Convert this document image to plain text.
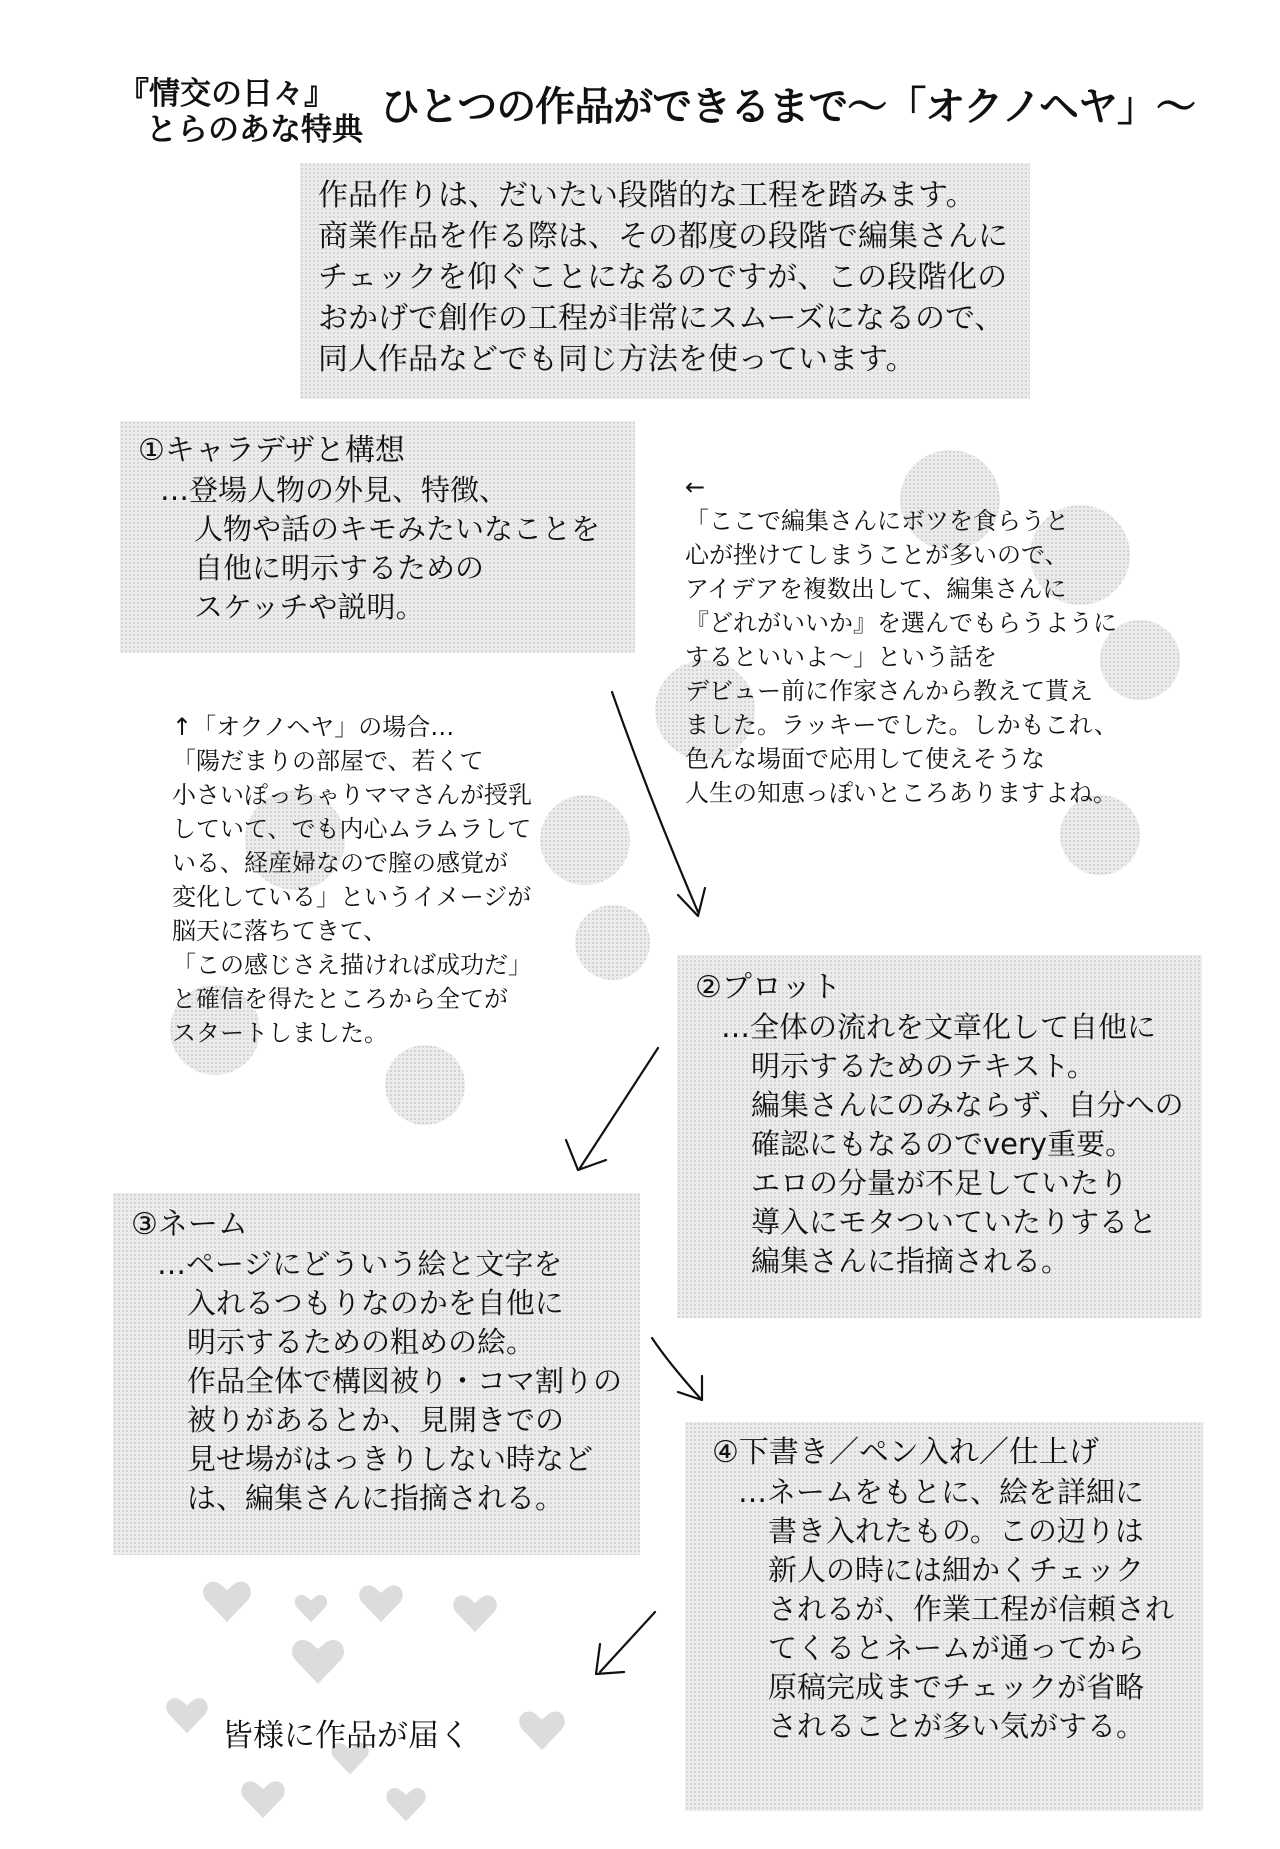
『情交の日々』
とらのあな特典 ひとつの作品ができるまで〜「オクノヘヤ」〜
作品作りは、だいたい段階的な工程を踏みます。
商業作品を作る際は、その都度の段階で編集さんに
チェックを仰ぐことになるのですが、この段階化の
おかげで創作の工程が非常にスムーズになるので、
同人作品などでも同じ方法を使っています。
①キャラデザと構想
…登場人物の外見、特徴、
人物や話のキモみたいなことを
自他に明示するための
スケッチや説明。
②プロット
…全体の流れを文章化して自他に
明示するためのテキスト。
編集さんにのみならず、自分への
確認にもなるのでvery重要。
エロの分量が不足していたり
導入にモタついていたりすると
編集さんに指摘される。
③ネーム
…ページにどういう絵と文字を
入れるつもりなのかを自他に
明示するための粗めの絵。
作品全体で構図被り・コマ割りの
被りがあるとか、見開きでの
見せ場がはっきりしない時など
は、編集さんに指摘される。
④下書き／ペン入れ／仕上げ
…ネームをもとに、絵を詳細に
書き入れたもの。この辺りは
新人の時には細かくチェック
されるが、作業工程が信頼され
てくるとネームが通ってから
原稿完成までチェックが省略
されることが多い気がする。
←
「ここで編集さんにボツを食らうと
心が挫けてしまうことが多いので、
アイデアを複数出して、編集さんに
『どれがいいか』を選んでもらうように
するといいよ〜」という話を
デビュー前に作家さんから教えて貰え
ました。ラッキーでした。しかもこれ、
色んな場面で応用して使えそうな
人生の知恵っぽいところありますよね。
↑「オクノヘヤ」の場合…
「陽だまりの部屋で、若くて
小さいぽっちゃりママさんが授乳
していて、でも内心ムラムラして
いる、経産婦なので膣の感覚が
変化している」というイメージが
脳天に落ちてきて、
「この感じさえ描ければ成功だ」
と確信を得たところから全てが
スタートしました。
皆様に作品が届く
